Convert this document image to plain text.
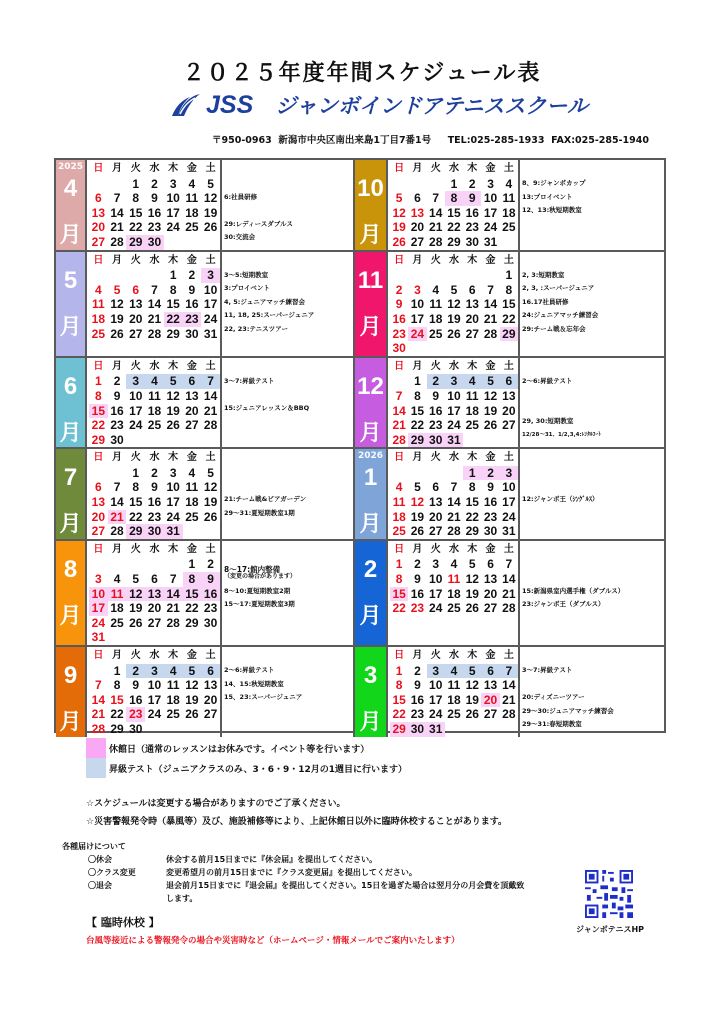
２０２５年度年間スケジュール表
JSS ジャンボインドアテニススクール
〒950-0963  新潟市中央区南出来島1丁目7番1号     TEL:025-285-1933  FAX:025-285-1940
2025
4
月
日	月	火	水	木	金	土
		1	2	3	4	5
6	7	8	9	10	11	12
13	14	15	16	17	18	19
20	21	22	23	24	25	26
27	28	29	30			
6:社員研修
29:レディースダブルス
30:交流会
10
月
日	月	火	水	木	金	土
			1	2	3	4
5	6	7	8	9	10	11
12	13	14	15	16	17	18
19	20	21	22	23	24	25
26	27	28	29	30	31	
8、9:ジャンボカップ
13:プロイベント
12、13:秋短期教室
5
月
日	月	火	水	木	金	土
				1	2	3
4	5	6	7	8	9	10
11	12	13	14	15	16	17
18	19	20	21	22	23	24
25	26	27	28	29	30	31
3〜5:短期教室
3:プロイベント
4, 5:ジュニアマッチ練習会
11, 18, 25:スーパージュニア
22, 23:テニスツアー
11
月
日	月	火	水	木	金	土
						1
2	3	4	5	6	7	8
9	10	11	12	13	14	15
16	17	18	19	20	21	22
23	24	25	26	27	28	29
30						
2, 3:短期教室
2, 3, :スーパージュニア
16.17社員研修
24:ジュニアマッチ練習会
29:チーム戦＆忘年会
6
月
日	月	火	水	木	金	土
1	2	3	4	5	6	7
8	9	10	11	12	13	14
15	16	17	18	19	20	21
22	23	24	25	26	27	28
29	30					
3〜7:昇級テスト
15:ジュニアレッスン＆BBQ
12
月
日	月	火	水	木	金	土
	1	2	3	4	5	6
7	8	9	10	11	12	13
14	15	16	17	18	19	20
21	22	23	24	25	26	27
28	29	30	31			
2〜6:昇級テスト
29, 30:短期教室
12/28〜31、1/2,3,4:ﾚﾝﾀﾙｺｰﾄ
7
月
日	月	火	水	木	金	土
		1	2	3	4	5
6	7	8	9	10	11	12
13	14	15	16	17	18	19
20	21	22	23	24	25	26
27	28	29	30	31		
21:チーム戦&ビアガーデン
29〜31:夏短期教室1期
2026
1
月
日	月	火	水	木	金	土
				1	2	3
4	5	6	7	8	9	10
11	12	13	14	15	16	17
18	19	20	21	22	23	24
25	26	27	28	29	30	31
12:ジャンボ王（ｼﾝｸﾞﾙｽ）
8
月
日	月	火	水	木	金	土
					1	2
3	4	5	6	7	8	9
10	11	12	13	14	15	16
17	18	19	20	21	22	23
24	25	26	27	28	29	30
31						
8〜17:館内整備
（変更の場合があります）
8〜10:夏短期教室2期
15〜17:夏短期教室3期
2
月
日	月	火	水	木	金	土
1	2	3	4	5	6	7
8	9	10	11	12	13	14
15	16	17	18	19	20	21
22	23	24	25	26	27	28
15:新潟県室内選手権（ダブルス）
23:ジャンボ王（ダブルス）
9
月
日	月	火	水	木	金	土
	1	2	3	4	5	6
7	8	9	10	11	12	13
14	15	16	17	18	19	20
21	22	23	24	25	26	27
28	29	30				
2〜6:昇級テスト
14、15:秋短期教室
15、23:スーパージュニア
3
月
日	月	火	水	木	金	土
1	2	3	4	5	6	7
8	9	10	11	12	13	14
15	16	17	18	19	20	21
22	23	24	25	26	27	28
29	30	31				
3〜7:昇級テスト
20:ディズニーツアー
29〜30:ジュニアマッチ練習会
29〜31:春短期教室
休館日（通常のレッスンはお休みです。イベント等を行います）
昇級テスト（ジュニアクラスのみ、3・6・9・12月の1週目に行います）
☆スケジュールは変更する場合がありますのでご了承ください。
☆災害警報発令時（暴風等）及び、施設補修等により、上記休館日以外に臨時休校することがあります。
各種届けについて
〇休会	休会する前月15日までに『休会届』を提出してください。
〇クラス変更	変更希望月の前月15日までに『クラス変更届』を提出してください。
〇退会	退会前月15日までに『退会届』を提出してください。15日を過ぎた場合は翌月分の月会費を頂戴致します。
【 臨時休校 】
台風等接近による警報発令の場合や災害時など（ホームページ・情報メールでご案内いたします）
ジャンボテニスHP
